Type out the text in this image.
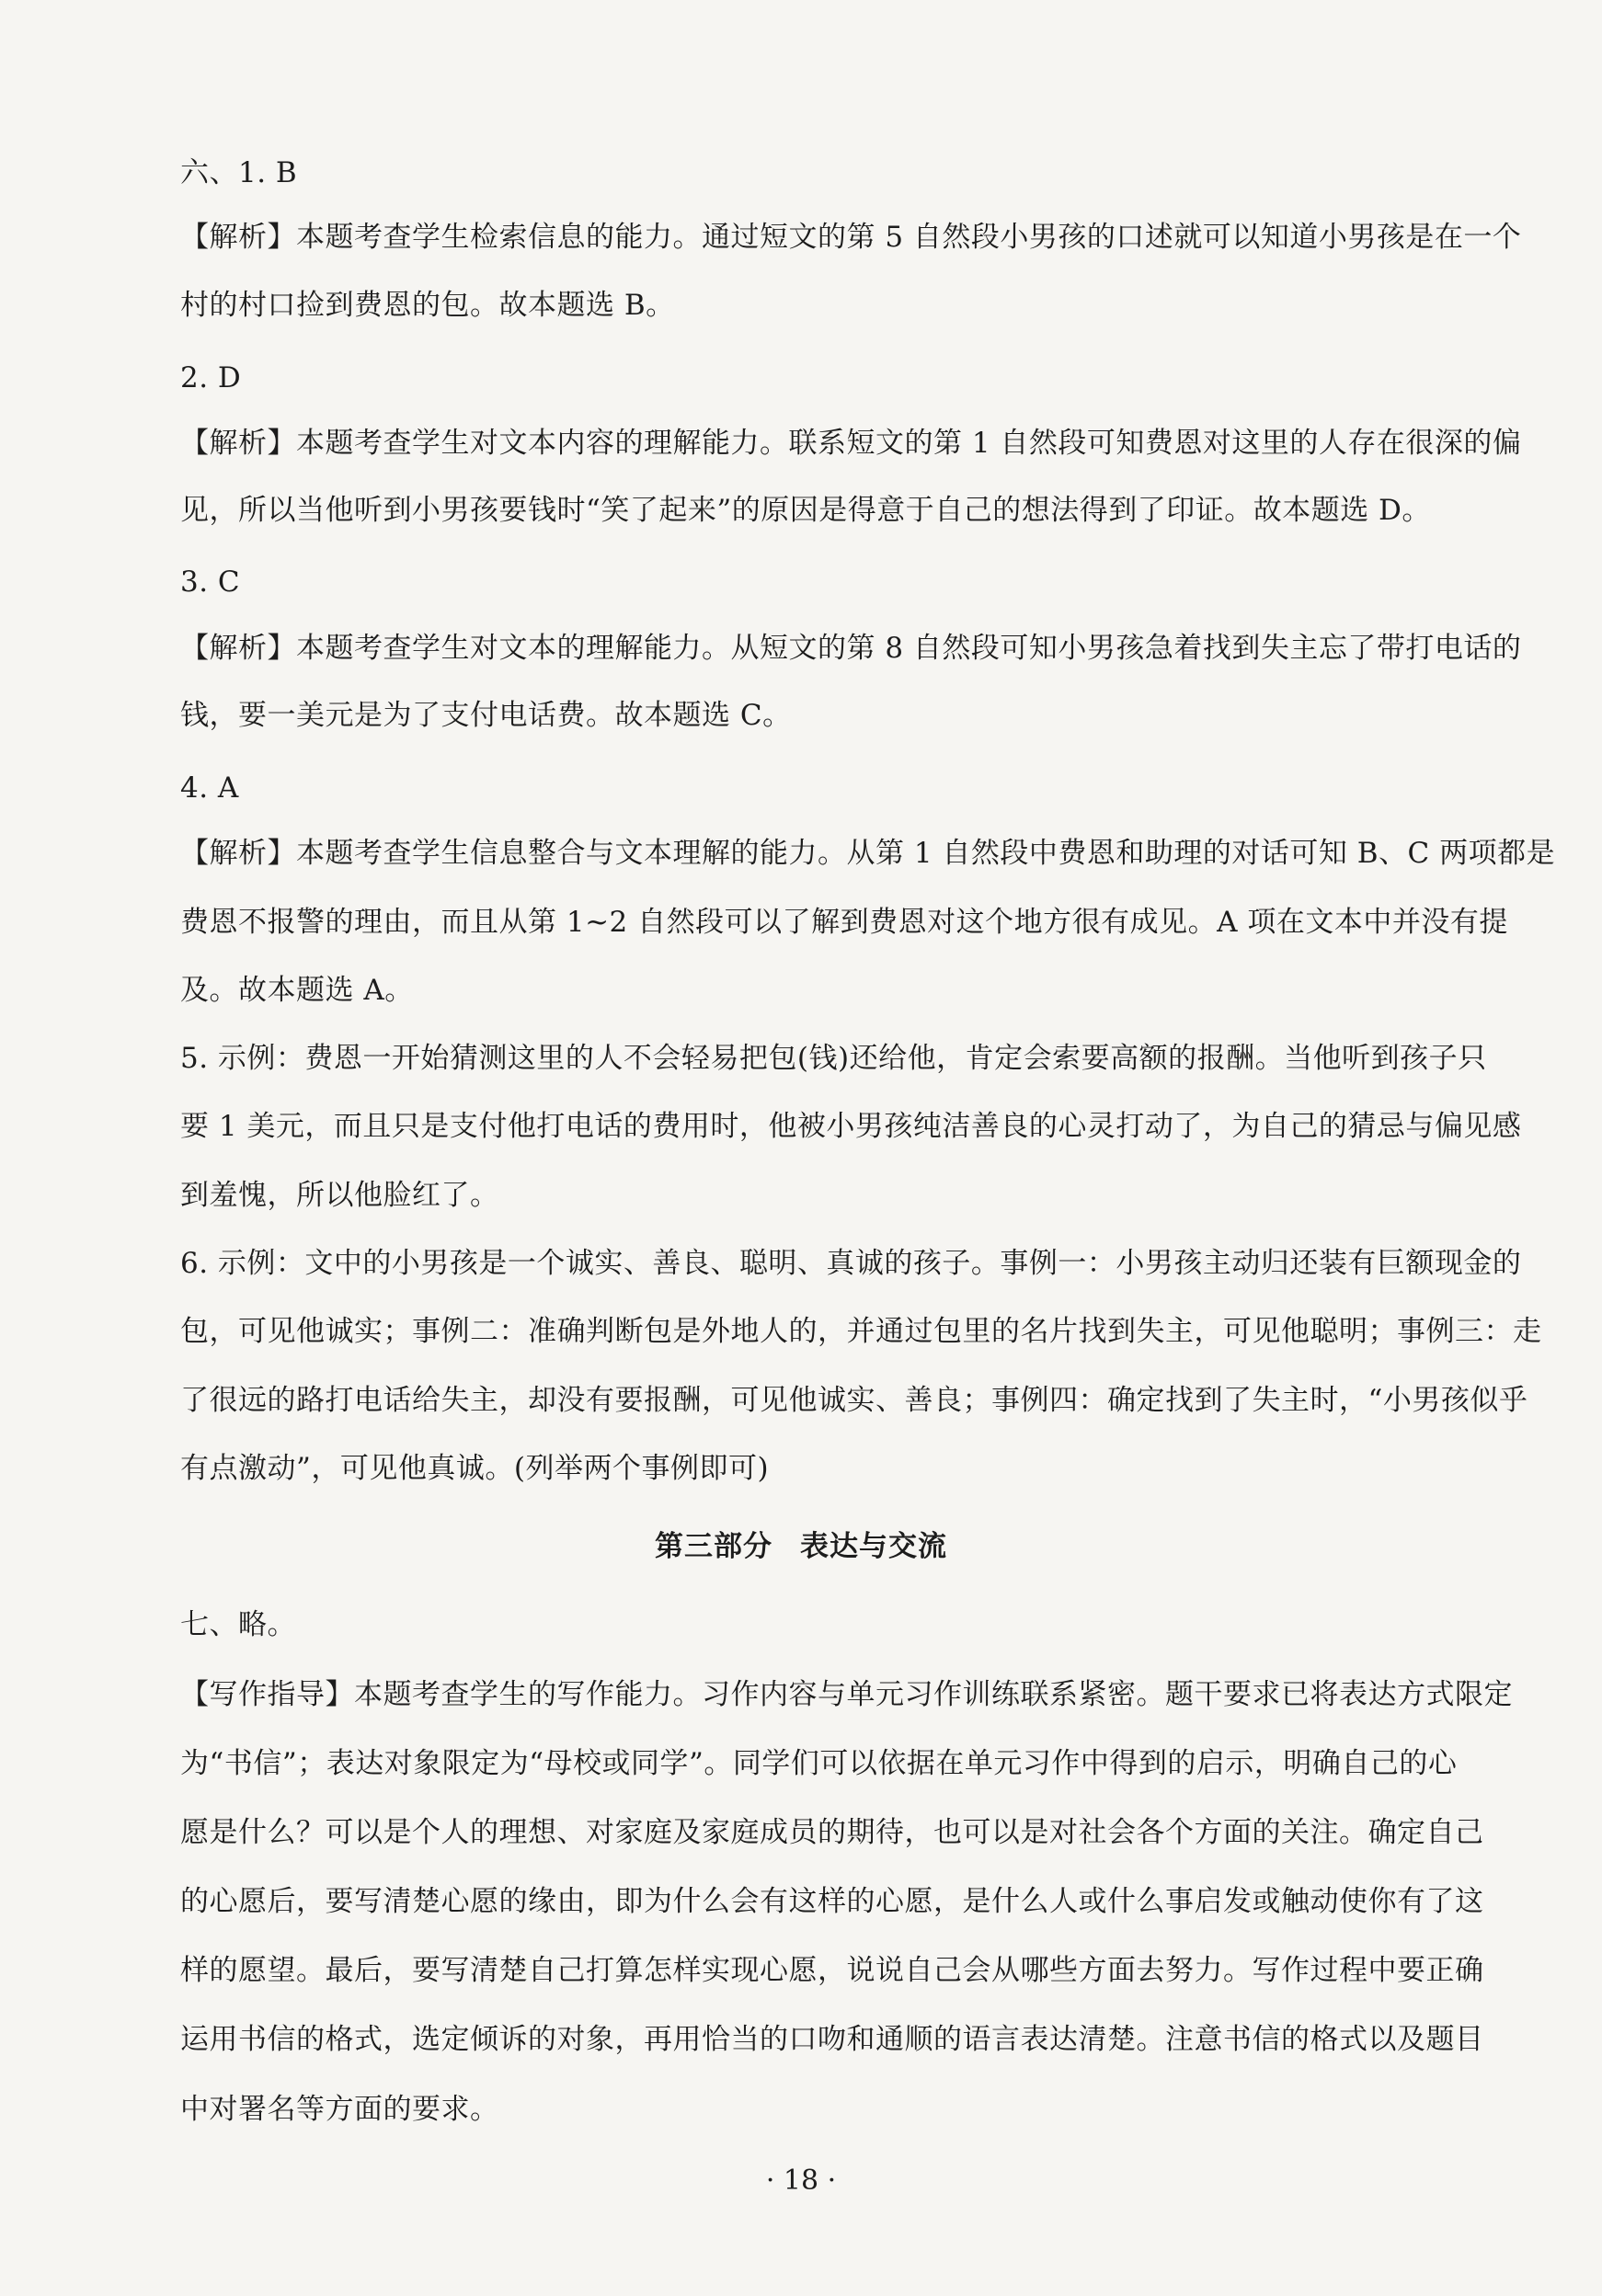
六、1. B
【解析】本题考查学生检索信息的能力。通过短文的第 5 自然段小男孩的口述就可以知道小男孩是在一个
村的村口捡到费恩的包。故本题选 B。
2. D
【解析】本题考查学生对文本内容的理解能力。联系短文的第 1 自然段可知费恩对这里的人存在很深的偏
见，所以当他听到小男孩要钱时“笑了起来”的原因是得意于自己的想法得到了印证。故本题选 D。
3. C
【解析】本题考查学生对文本的理解能力。从短文的第 8 自然段可知小男孩急着找到失主忘了带打电话的
钱，要一美元是为了支付电话费。故本题选 C。
4. A
【解析】本题考查学生信息整合与文本理解的能力。从第 1 自然段中费恩和助理的对话可知 B、C 两项都是
费恩不报警的理由，而且从第 1~2 自然段可以了解到费恩对这个地方很有成见。A 项在文本中并没有提
及。故本题选 A。
5. 示例：费恩一开始猜测这里的人不会轻易把包(钱)还给他，肯定会索要高额的报酬。当他听到孩子只
要 1 美元，而且只是支付他打电话的费用时，他被小男孩纯洁善良的心灵打动了，为自己的猜忌与偏见感
到羞愧，所以他脸红了。
6. 示例：文中的小男孩是一个诚实、善良、聪明、真诚的孩子。事例一：小男孩主动归还装有巨额现金的
包，可见他诚实；事例二：准确判断包是外地人的，并通过包里的名片找到失主，可见他聪明；事例三：走
了很远的路打电话给失主，却没有要报酬，可见他诚实、善良；事例四：确定找到了失主时，“小男孩似乎
有点激动”，可见他真诚。(列举两个事例即可)
第三部分 表达与交流
七、略。
【写作指导】本题考查学生的写作能力。习作内容与单元习作训练联系紧密。题干要求已将表达方式限定
为“书信”；表达对象限定为“母校或同学”。同学们可以依据在单元习作中得到的启示，明确自己的心
愿是什么？可以是个人的理想、对家庭及家庭成员的期待，也可以是对社会各个方面的关注。确定自己
的心愿后，要写清楚心愿的缘由，即为什么会有这样的心愿，是什么人或什么事启发或触动使你有了这
样的愿望。最后，要写清楚自己打算怎样实现心愿，说说自己会从哪些方面去努力。写作过程中要正确
运用书信的格式，选定倾诉的对象，再用恰当的口吻和通顺的语言表达清楚。注意书信的格式以及题目
中对署名等方面的要求。
· 18 ·
